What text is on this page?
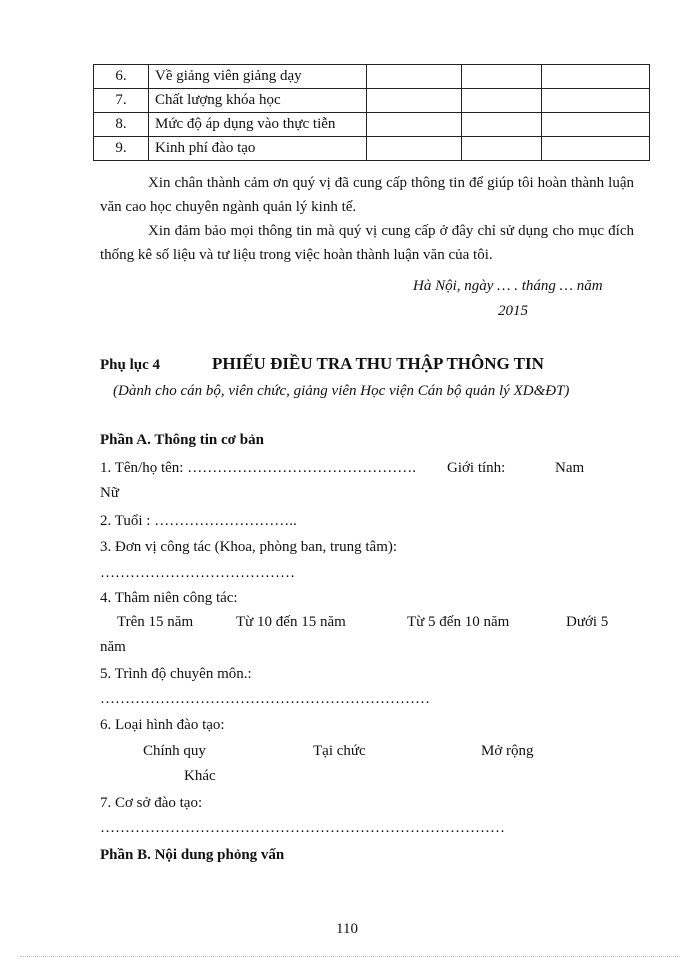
6.	Về giảng viên giảng dạy			
7.	Chất lượng khóa học			
8.	Mức độ áp dụng vào thực tiễn			
9.	Kinh phí đào tạo			
Xin chân thành cảm ơn quý vị đã cung cấp thông tin để giúp tôi hoàn thành luận văn cao học chuyên ngành quản lý kinh tế.
Xin đảm bảo mọi thông tin mà quý vị cung cấp ở đây chỉ sử dụng cho mục đích thống kê số liệu và tư liệu trong việc hoàn thành luận văn của tôi.
Hà Nội, ngày … . tháng … năm
2015
Phụ lục 4	PHIẾU ĐIỀU TRA THU THẬP THÔNG TIN
(Dành cho cán bộ, viên chức, giảng viên Học viện Cán bộ quản lý XD&ĐT)
Phần A. Thông tin cơ bản
1. Tên/họ tên: ………………………………………. Giới tính:	Nam
Nữ
2. Tuổi : ………………………..
3. Đơn vị công tác (Khoa, phòng ban, trung tâm):
…………………………………
4. Thâm niên công tác:
Trên 15 năm	Từ 10 đến 15 năm	Từ 5 đến 10 năm	Dưới 5
năm
5. Trình độ chuyên môn.:
…………………………………………………………
6. Loại hình đào tạo:
Chính quy	Tại chức	Mở rộng
Khác
7. Cơ sở đào tạo:
………………………………………………………………………
Phần B. Nội dung phỏng vấn
110
